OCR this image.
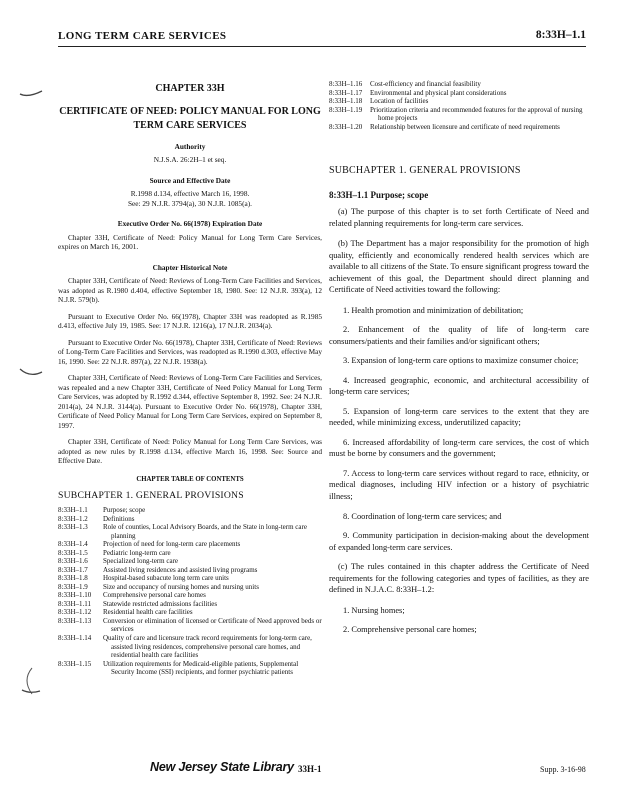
LONG TERM CARE SERVICES	8:33H–1.1
CHAPTER 33H
CERTIFICATE OF NEED: POLICY MANUAL FOR LONG TERM CARE SERVICES
Authority
N.J.S.A. 26:2H–1 et seq.
Source and Effective Date
R.1998 d.134, effective March 16, 1998.
See: 29 N.J.R. 3794(a), 30 N.J.R. 1085(a).
Executive Order No. 66(1978) Expiration Date
Chapter 33H, Certificate of Need: Policy Manual for Long Term Care Services, expires on March 16, 2001.
Chapter Historical Note
Chapter 33H, Certificate of Need: Reviews of Long-Term Care Facilities and Services, was adopted as R.1980 d.404, effective September 18, 1980. See: 12 N.J.R. 393(a), 12 N.J.R. 579(b).
Pursuant to Executive Order No. 66(1978), Chapter 33H was readopted as R.1985 d.413, effective July 19, 1985. See: 17 N.J.R. 1216(a), 17 N.J.R. 2034(a).
Pursuant to Executive Order No. 66(1978), Chapter 33H, Certificate of Need: Reviews of Long-Term Care Facilities and Services, was readopted as R.1990 d.303, effective May 16, 1990. See: 22 N.J.R. 897(a), 22 N.J.R. 1938(a).
Chapter 33H, Certificate of Need: Reviews of Long-Term Care Facilities and Services, was repealed and a new Chapter 33H, Certificate of Need Policy Manual for Long Term Care Services, was adopted by R.1992 d.344, effective September 8, 1992. See: 24 N.J.R. 2014(a), 24 N.J.R. 3144(a). Pursuant to Executive Order No. 66(1978), Chapter 33H, Certificate of Need Policy Manual for Long Term Care Services, expired on September 8, 1997.
Chapter 33H, Certificate of Need: Policy Manual for Long Term Care Services, was adopted as new rules by R.1998 d.134, effective March 16, 1998. See: Source and Effective Date.
CHAPTER TABLE OF CONTENTS
SUBCHAPTER 1. GENERAL PROVISIONS
8:33H–1.1	Purpose; scope
8:33H–1.2	Definitions
8:33H–1.3	Role of counties, Local Advisory Boards, and the State in long-term care planning
8:33H–1.4	Projection of need for long-term care placements
8:33H–1.5	Pediatric long-term care
8:33H–1.6	Specialized long-term care
8:33H–1.7	Assisted living residences and assisted living programs
8:33H–1.8	Hospital-based subacute long term care units
8:33H–1.9	Size and occupancy of nursing homes and nursing units
8:33H–1.10	Comprehensive personal care homes
8:33H–1.11	Statewide restricted admissions facilities
8:33H–1.12	Residential health care facilities
8:33H–1.13	Conversion or elimination of licensed or Certificate of Need approved beds or services
8:33H–1.14	Quality of care and licensure track record requirements for long-term care, assisted living residences, comprehensive personal care homes, and residential health care facilities
8:33H–1.15	Utilization requirements for Medicaid-eligible patients, Supplemental Security Income (SSI) recipients, and former psychiatric patients
8:33H–1.16	Cost-efficiency and financial feasibility
8:33H–1.17	Environmental and physical plant considerations
8:33H–1.18	Location of facilities
8:33H–1.19	Prioritization criteria and recommended features for the approval of nursing home projects
8:33H–1.20	Relationship between licensure and certificate of need requirements
SUBCHAPTER 1. GENERAL PROVISIONS
8:33H–1.1 Purpose; scope
(a) The purpose of this chapter is to set forth Certificate of Need and related planning requirements for long-term care services.
(b) The Department has a major responsibility for the promotion of high quality, efficiently and economically rendered health services which are available to all citizens of the State. To ensure significant progress toward the achievement of this goal, the Department should direct planning and Certificate of Need activities toward the following:
1. Health promotion and minimization of debilitation;
2. Enhancement of the quality of life of long-term care consumers/patients and their families and/or significant others;
3. Expansion of long-term care options to maximize consumer choice;
4. Increased geographic, economic, and architectural accessibility of long-term care services;
5. Expansion of long-term care services to the extent that they are needed, while minimizing excess, underutilized capacity;
6. Increased affordability of long-term care services, the cost of which must be borne by consumers and the government;
7. Access to long-term care services without regard to race, ethnicity, or medical diagnoses, including HIV infection or a history of psychiatric illness;
8. Coordination of long-term care services; and
9. Community participation in decision-making about the development of expanded long-term care services.
(c) The rules contained in this chapter address the Certificate of Need requirements for the following categories and types of facilities, as they are defined in N.J.A.C. 8:33H–1.2:
1. Nursing homes;
2. Comprehensive personal care homes;
New Jersey State Library 33H-1	Supp. 3-16-98
